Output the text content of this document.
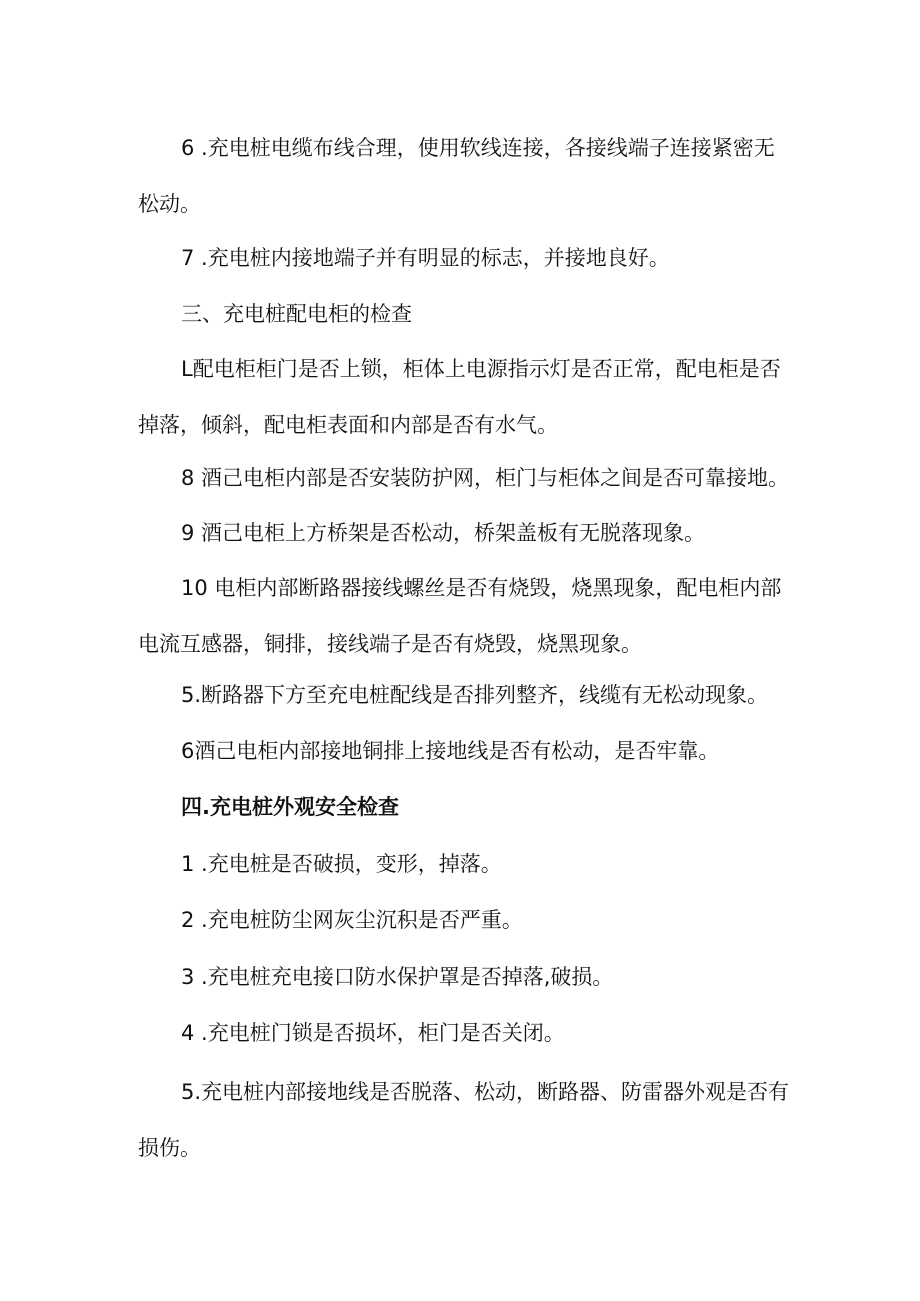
6 .充电桩电缆布线合理，使用软线连接，各接线端子连接紧密无松动。

7 .充电桩内接地端子并有明显的标志，并接地良好。

三、充电桩配电柜的检查

L配电柜柜门是否上锁，柜体上电源指示灯是否正常，配电柜是否掉落，倾斜，配电柜表面和内部是否有水气。

8 酒己电柜内部是否安装防护网，柜门与柜体之间是否可靠接地。

9 酒己电柜上方桥架是否松动，桥架盖板有无脱落现象。

10 电柜内部断路器接线螺丝是否有烧毁，烧黑现象，配电柜内部电流互感器，铜排，接线端子是否有烧毁，烧黑现象。

5.断路器下方至充电桩配线是否排列整齐，线缆有无松动现象。

6酒己电柜内部接地铜排上接地线是否有松动，是否牢靠。

四.充电桩外观安全检查

1 .充电桩是否破损，变形，掉落。

2 .充电桩防尘网灰尘沉积是否严重。

3 .充电桩充电接口防水保护罩是否掉落,破损。

4 .充电桩门锁是否损坏，柜门是否关闭。

5.充电桩内部接地线是否脱落、松动，断路器、防雷器外观是否有损伤。
